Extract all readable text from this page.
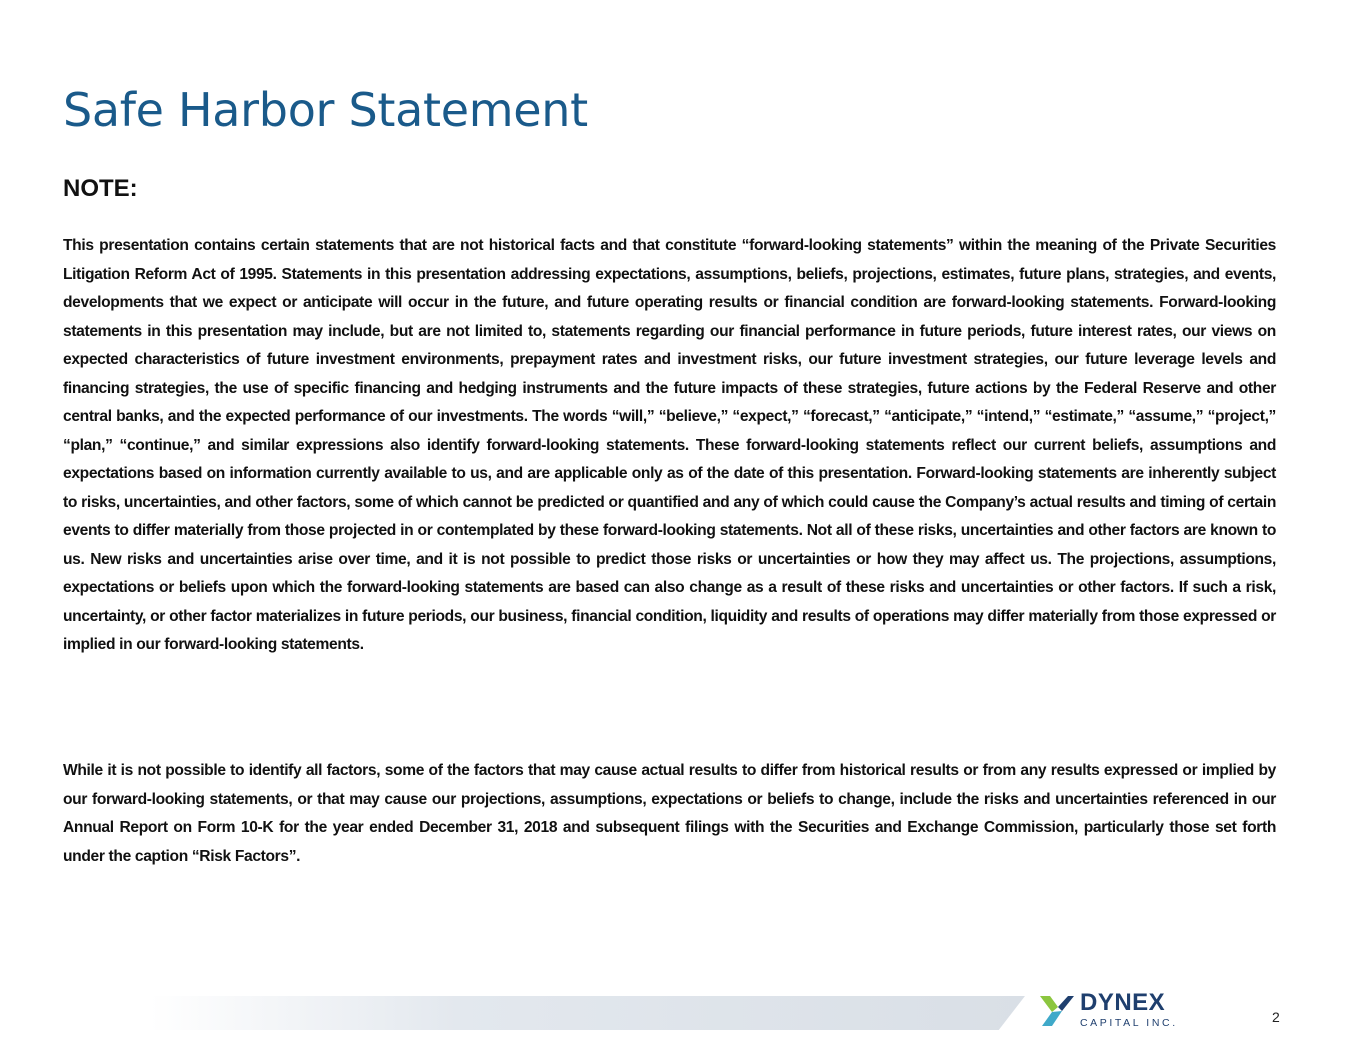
Safe Harbor Statement
NOTE:

This presentation contains certain statements that are not historical facts and that constitute “forward-looking statements” within the meaning of the Private Securities Litigation Reform Act of 1995. Statements in this presentation addressing expectations, assumptions, beliefs, projections, estimates, future plans, strategies, and events, developments that we expect or anticipate will occur in the future, and future operating results or financial condition are forward-looking statements. Forward-looking statements in this presentation may include, but are not limited to, statements regarding our financial performance in future periods, future interest rates, our views on expected characteristics of future investment environments, prepayment rates and investment risks, our future investment strategies, our future leverage levels and financing strategies, the use of specific financing and hedging instruments and the future impacts of these strategies, future actions by the Federal Reserve and other central banks, and the expected performance of our investments. The words “will,” “believe,” “expect,” “forecast,” “anticipate,” “intend,” “estimate,” “assume,” “project,” “plan,” “continue,” and similar expressions also identify forward-looking statements. These forward-looking statements reflect our current beliefs, assumptions and expectations based on information currently available to us, and are applicable only as of the date of this presentation. Forward-looking statements are inherently subject to risks, uncertainties, and other factors, some of which cannot be predicted or quantified and any of which could cause the Company’s actual results and timing of certain events to differ materially from those projected in or contemplated by these forward-looking statements. Not all of these risks, uncertainties and other factors are known to us. New risks and uncertainties arise over time, and it is not possible to predict those risks or uncertainties or how they may affect us. The projections, assumptions, expectations or beliefs upon which the forward-looking statements are based can also change as a result of these risks and uncertainties or other factors. If such a risk, uncertainty, or other factor materializes in future periods, our business, financial condition, liquidity and results of operations may differ materially from those expressed or implied in our forward-looking statements.

While it is not possible to identify all factors, some of the factors that may cause actual results to differ from historical results or from any results expressed or implied by our forward-looking statements, or that may cause our projections, assumptions, expectations or beliefs to change, include the risks and uncertainties referenced in our Annual Report on Form 10-K for the year ended December 31, 2018 and subsequent filings with the Securities and Exchange Commission, particularly those set forth under the caption “Risk Factors”.

DYNEX
CAPITAL INC.	2
